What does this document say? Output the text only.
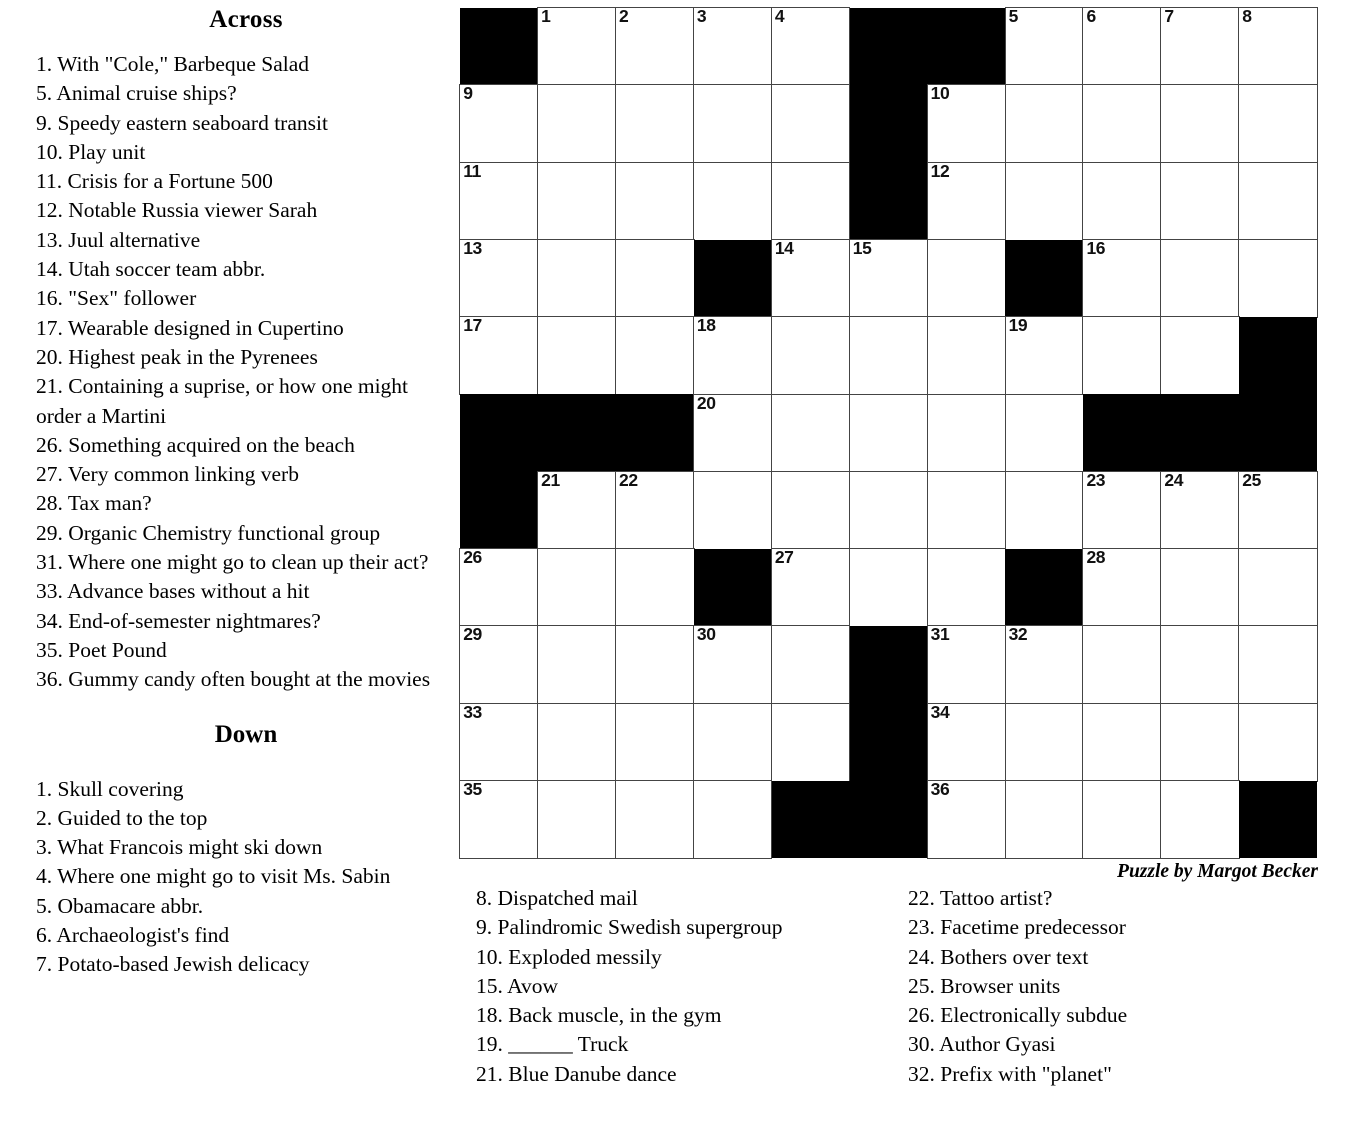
Across
1. With "Cole," Barbeque Salad
5. Animal cruise ships?
9. Speedy eastern seaboard transit
10. Play unit
11. Crisis for a Fortune 500
12. Notable Russia viewer Sarah
13. Juul alternative
14. Utah soccer team abbr.
16. "Sex" follower
17. Wearable designed in Cupertino
20. Highest peak in the Pyrenees
21. Containing a suprise, or how one might order a Martini
26. Something acquired on the beach
27. Very common linking verb
28. Tax man?
29. Organic Chemistry functional group
31. Where one might go to clean up their act?
33. Advance bases without a hit
34. End-of-semester nightmares?
35. Poet Pound
36. Gummy candy often bought at the movies
Down
1. Skull covering
2. Guided to the top
3. What Francois might ski down
4. Where one might go to visit Ms. Sabin
5. Obamacare abbr.
6. Archaeologist's find
7. Potato-based Jewish delicacy
1	2	3	4	5	6	7	8
9	10
11	12
13	14	15	16
17	18	19
20
21	22	23	24	25
26	27	28
29	30	31	32
33	34
35	36
Puzzle by Margot Becker
8. Dispatched mail
9. Palindromic Swedish supergroup
10. Exploded messily
15. Avow
18. Back muscle, in the gym
19. ______ Truck
21. Blue Danube dance
22. Tattoo artist?
23. Facetime predecessor
24. Bothers over text
25. Browser units
26. Electronically subdue
30. Author Gyasi
32. Prefix with "planet"
